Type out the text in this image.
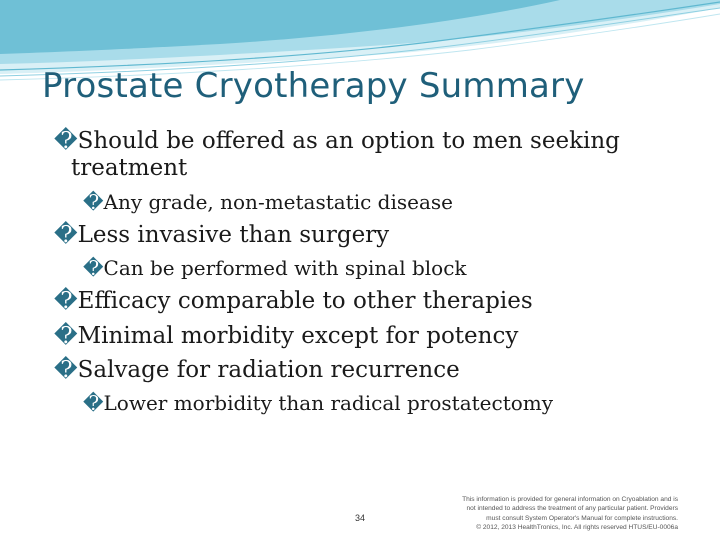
Prostate Cryotherapy Summary
�Should be offered as an option to men seeking
treatment
�Any grade, non-metastatic disease
�Less invasive than surgery
�Can be performed with spinal block
�Efficacy comparable to other therapies
�Minimal morbidity except for potency
�Salvage for radiation recurrence
�Lower morbidity than radical prostatectomy
34
This information is provided for general information on Cryoablation and is
not intended to address the treatment of any particular patient. Providers
must consult System Operator's Manual for complete instructions.
© 2012, 2013 HealthTronics, Inc. All rights reserved HTUS/EU-0006a
